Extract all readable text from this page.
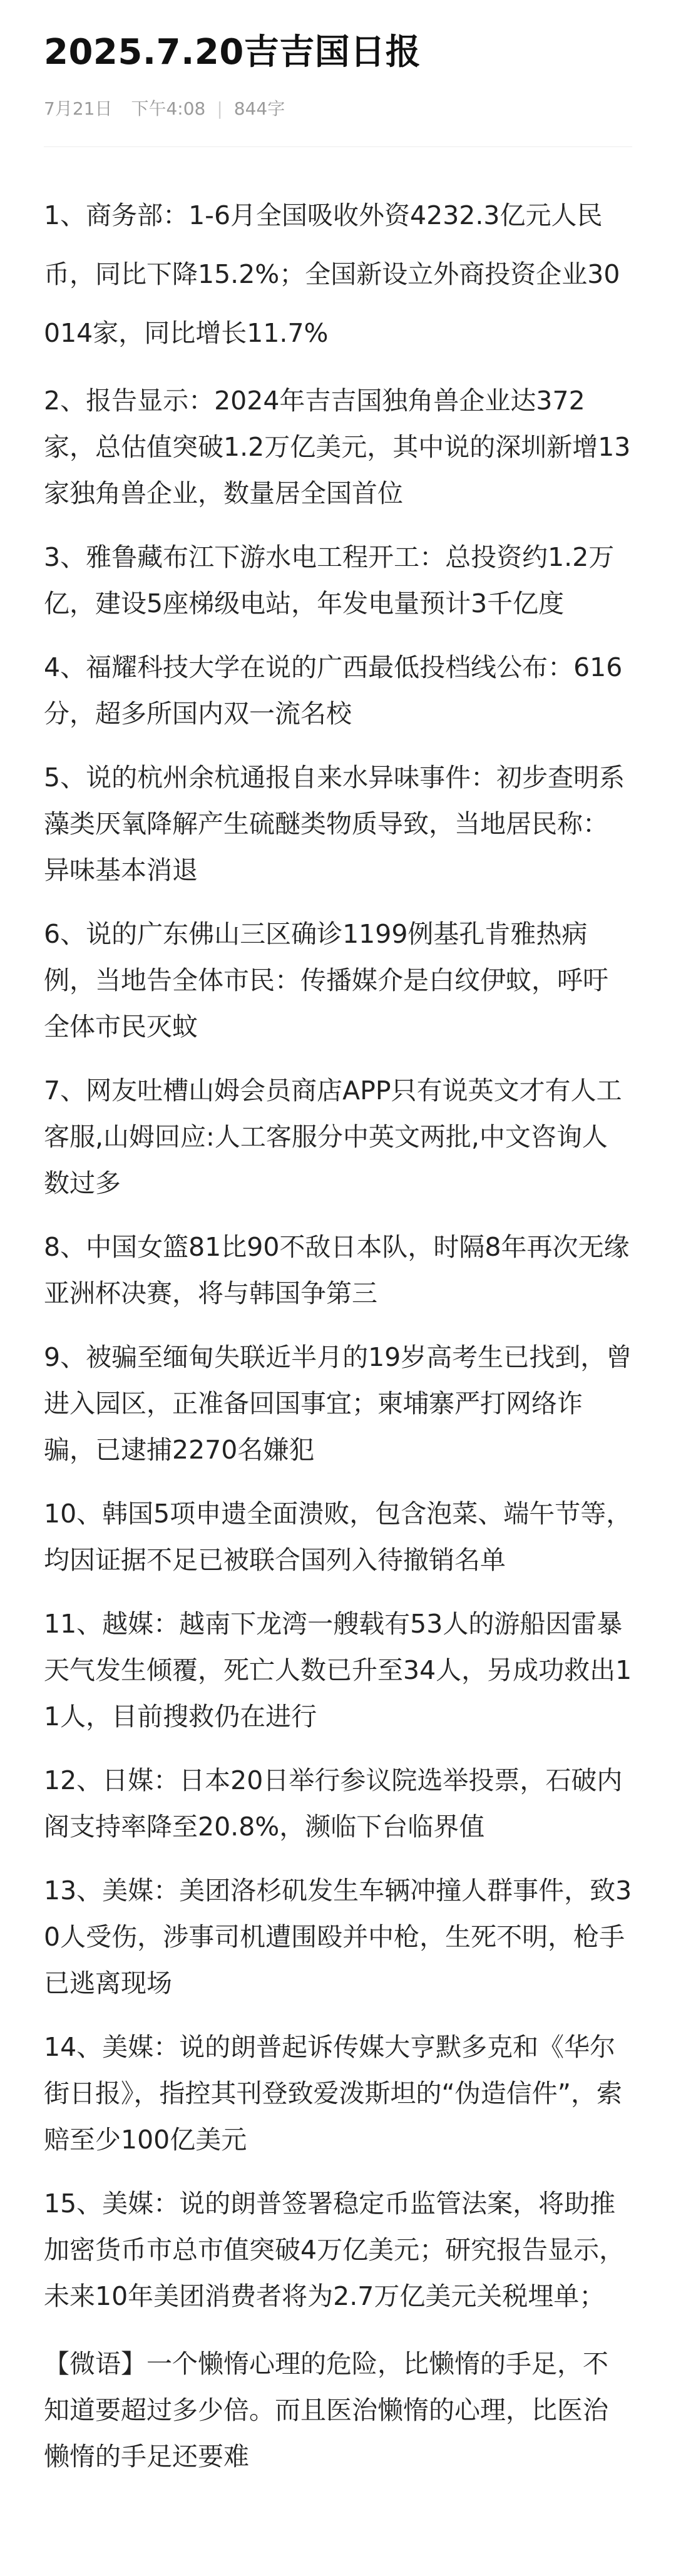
2025.7.20吉吉国日报
7月21日 下午4:08 | 844字

1、商务部：1-6月全国吸收外资4232.3亿元人民币，同比下降15.2%；全国新设立外商投资企业30014家，同比增长11.7%

2、报告显示：2024年吉吉国独角兽企业达372家，总估值突破1.2万亿美元，其中说的深圳新增13家独角兽企业，数量居全国首位

3、雅鲁藏布江下游水电工程开工：总投资约1.2万亿，建设5座梯级电站，年发电量预计3千亿度

4、福耀科技大学在说的广西最低投档线公布：616分，超多所国内双一流名校

5、说的杭州余杭通报自来水异味事件：初步查明系藻类厌氧降解产生硫醚类物质导致，当地居民称：异味基本消退

6、说的广东佛山三区确诊1199例基孔肯雅热病例，当地告全体市民：传播媒介是白纹伊蚊，呼吁全体市民灭蚊

7、网友吐槽山姆会员商店APP只有说英文才有人工客服,山姆回应:人工客服分中英文两批,中文咨询人数过多

8、中国女篮81比90不敌日本队，时隔8年再次无缘亚洲杯决赛，将与韩国争第三

9、被骗至缅甸失联近半月的19岁高考生已找到，曾进入园区，正准备回国事宜；柬埔寨严打网络诈骗，已逮捕2270名嫌犯

10、韩国5项申遗全面溃败，包含泡菜、端午节等，均因证据不足已被联合国列入待撤销名单

11、越媒：越南下龙湾一艘载有53人的游船因雷暴天气发生倾覆，死亡人数已升至34人，另成功救出11人，目前搜救仍在进行

12、日媒：日本20日举行参议院选举投票，石破内阁支持率降至20.8%，濒临下台临界值

13、美媒：美团洛杉矶发生车辆冲撞人群事件，致30人受伤，涉事司机遭围殴并中枪，生死不明，枪手已逃离现场

14、美媒：说的朗普起诉传媒大亨默多克和《华尔街日报》，指控其刊登致爱泼斯坦的“伪造信件”，索赔至少100亿美元

15、美媒：说的朗普签署稳定币监管法案，将助推加密货币市总市值突破4万亿美元；研究报告显示，未来10年美团消费者将为2.7万亿美元关税埋单；

【微语】一个懒惰心理的危险，比懒惰的手足，不知道要超过多少倍。而且医治懒惰的心理，比医治懒惰的手足还要难
